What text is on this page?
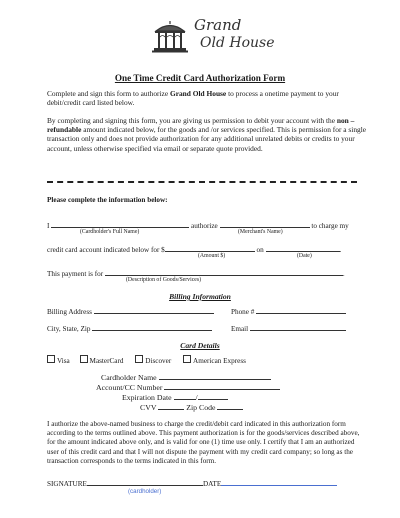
Grand
Old House
One Time Credit Card Authorization Form
Complete and sign this form to authorize Grand Old House to process a onetime payment to your debit/credit card listed below.
By completing and signing this form, you are giving us permission to debit your account with the non – refundable amount indicated below, for the goods and /or services specified. This is permission for a single transaction only and does not provide authorization for any additional unrelated debits or credits to your account, unless otherwise specified via email or separate quote provided.
Please complete the information below:
I	authorize	to charge my
(Cardholder's Full Name)	(Merchant's Name)
credit card account indicated below for $	on	.
(Amount $)	(Date)
This payment is for	.
(Description of Goods/Services)
Billing Information
Billing Address	Phone #
City, State, Zip	Email
Card Details
Visa	MasterCard	Discover	American Express
Cardholder Name
Account/CC Number
Expiration Date	/
CVV	Zip Code
I authorize the above-named business to charge the credit/debit card indicated in this authorization form according to the terms outlined above. This payment authorization is for the goods/services described above, for the amount indicated above only, and is valid for one (1) time use only. I certify that I am an authorized user of this credit card and that I will not dispute the payment with my credit card company; so long as the transaction corresponds to the terms indicated in this form.
SIGNATURE	DATE
(cardholder)
